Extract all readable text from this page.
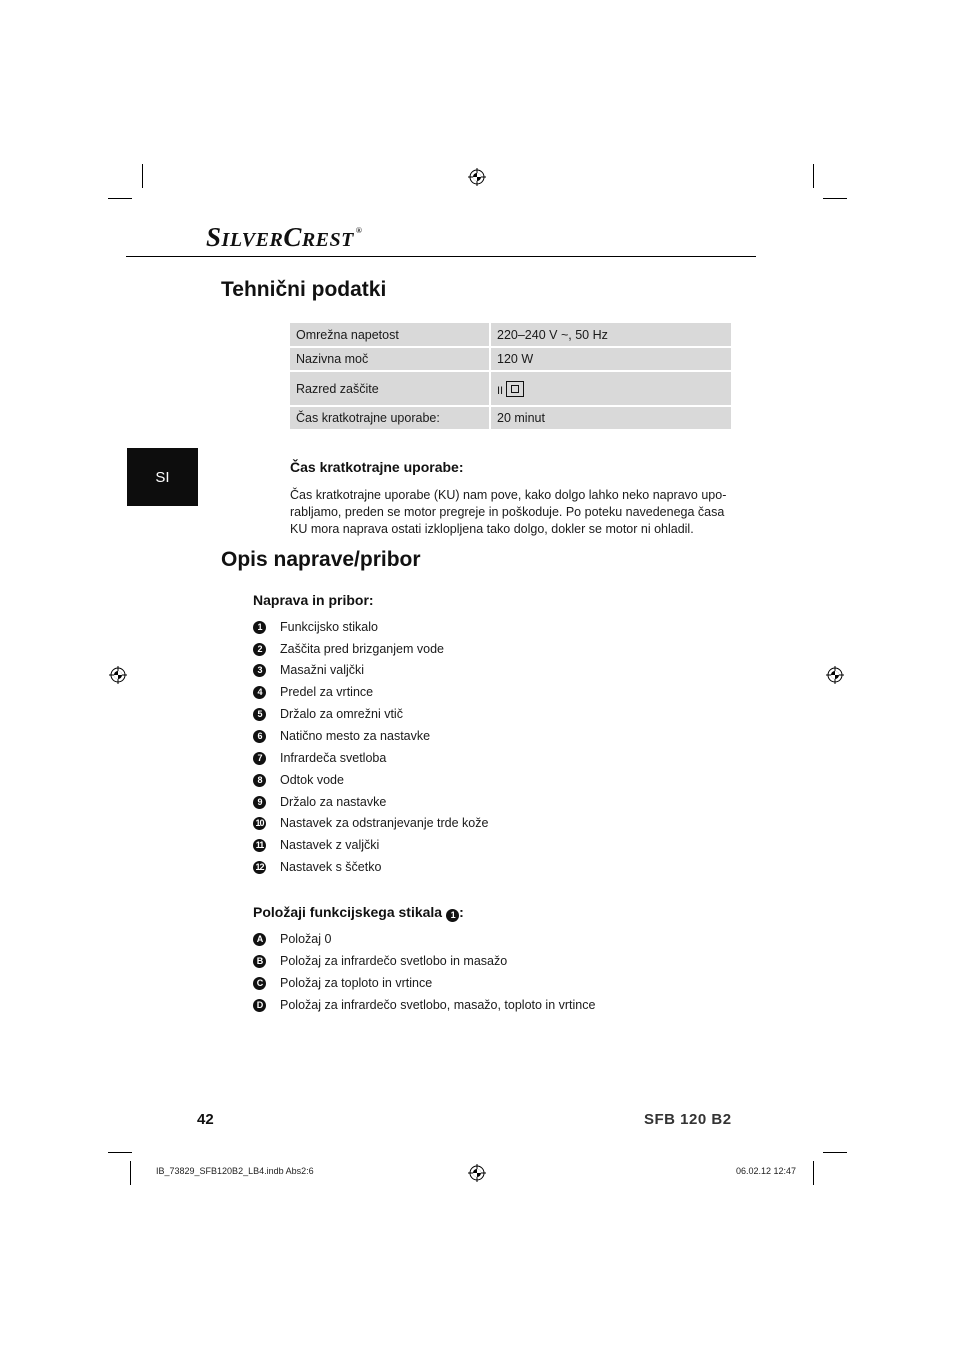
SILVERCREST ®
Tehnični podatki
Omrežna napetost	220–240 V ~, 50 Hz
Nazivna moč	120 W
Razred zaščite	II
Čas kratkotrajne uporabe:	20 minut
SI
Čas kratkotrajne uporabe:
Čas kratkotrajne uporabe (KU) nam pove, kako dolgo lahko neko napravo upo-
rabljamo, preden se motor pregreje in poškoduje. Po poteku navedenega časa
KU mora naprava ostati izklopljena tako dolgo, dokler se motor ni ohladil.
Opis naprave/pribor
Naprava in pribor:
1	Funkcijsko stikalo
2	Zaščita pred brizganjem vode
3	Masažni valjčki
4	Predel za vrtince
5	Držalo za omrežni vtič
6	Natično mesto za nastavke
7	Infrardeča svetloba
8	Odtok vode
9	Držalo za nastavke
10 Nastavek za odstranjevanje trde kože
11 Nastavek z valjčki
12 Nastavek s ščetko
Položaji funkcijskega stikala 1 :
A	Položaj 0
B	Položaj za infrardečo svetlobo in masažo
C	Položaj za toploto in vrtince
D	Položaj za infrardečo svetlobo, masažo, toploto in vrtince
42	SFB 120 B2
IB_73829_SFB120B2_LB4.indb Abs2:6	06.02.12 12:47
